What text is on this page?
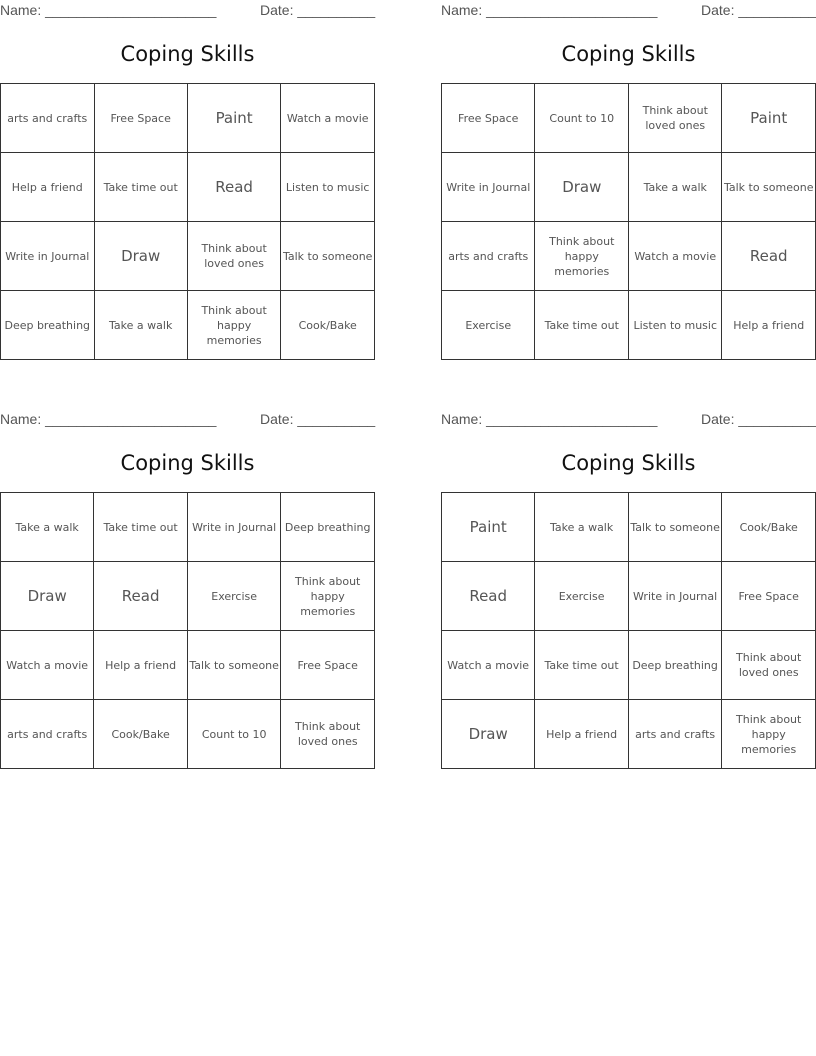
Name: ______________________	Date: __________
Coping Skills
arts and crafts	Free Space	Paint	Watch a movie
Help a friend	Take time out	Read	Listen to music
Write in Journal	Draw	Think about loved ones	Talk to someone
Deep breathing	Take a walk	Think about happy memories	Cook/Bake
Name: ______________________	Date: __________
Coping Skills
Free Space	Count to 10	Think about loved ones	Paint
Write in Journal	Draw	Take a walk	Talk to someone
arts and crafts	Think about happy memories	Watch a movie	Read
Exercise	Take time out	Listen to music	Help a friend
Name: ______________________	Date: __________
Coping Skills
Take a walk	Take time out	Write in Journal	Deep breathing
Draw	Read	Exercise	Think about happy memories
Watch a movie	Help a friend	Talk to someone	Free Space
arts and crafts	Cook/Bake	Count to 10	Think about loved ones
Name: ______________________	Date: __________
Coping Skills
Paint	Take a walk	Talk to someone	Cook/Bake
Read	Exercise	Write in Journal	Free Space
Watch a movie	Take time out	Deep breathing	Think about loved ones
Draw	Help a friend	arts and crafts	Think about happy memories
